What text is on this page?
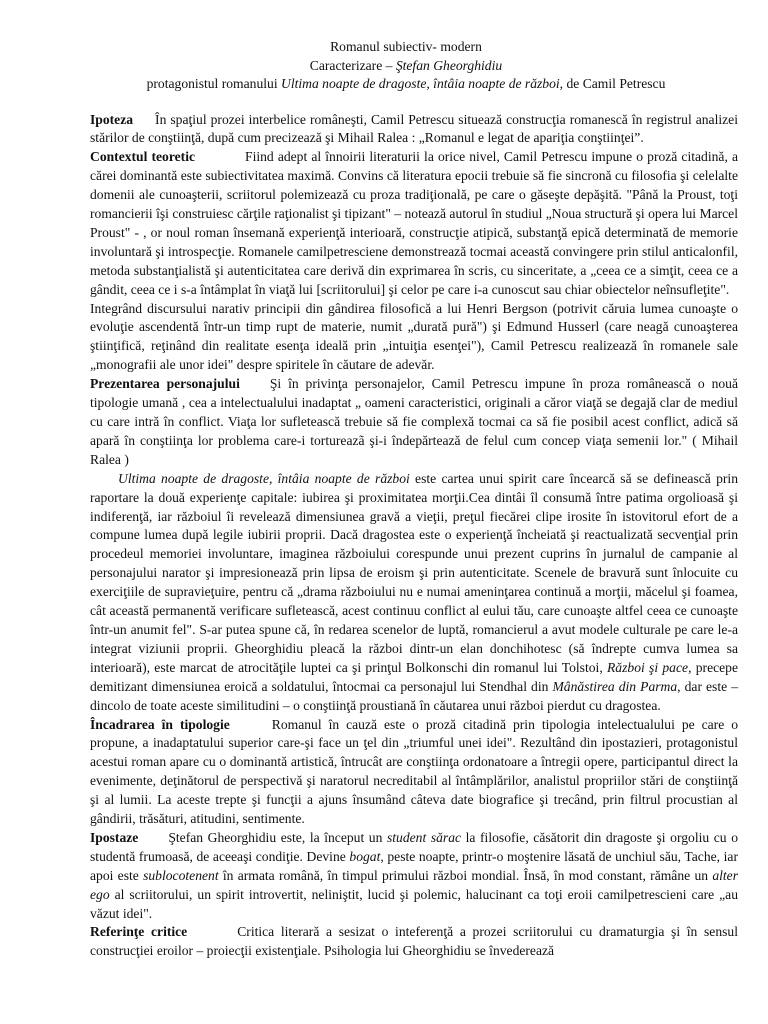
Romanul subiectiv- modern
Caracterizare – Ştefan Gheorghidiu
protagonistul romanului Ultima noapte de dragoste, întâia noapte de război, de Camil Petrescu

Ipoteza În spaţiul prozei interbelice româneşti, Camil Petrescu situează construcţia romanescă în registrul analizei stărilor de conştiinţă, după cum precizează şi Mihail Ralea : „Romanul e legat de apariţia conştiinţei”.

Contextul teoretic	Fiind adept al înnoirii literaturii la orice nivel, Camil Petrescu impune o proză citadină, a cărei dominantă este subiectivitatea maximă. Convins că literatura epocii trebuie să fie sincronă cu filosofia şi celelalte domenii ale cunoaşterii, scriitorul polemizează cu proza tradiţională, pe care o găseşte depăşită. "Până la Proust, toţi romancierii îşi construiesc cărţile raţionalist şi tipizant" – notează autorul în studiul „Noua structură şi opera lui Marcel Proust" - , or noul roman însemană experienţă interioară, construcţie atipică, substanţă epică determinată de memorie involuntară şi introspecţie. Romanele camilpetresciene demonstrează tocmai această convingere prin stilul anticalonfil, metoda substanţialistă şi autenticitatea care derivă din exprimarea în scris, cu sinceritate, a „ceea ce a simţit, ceea ce a gândit, ceea ce i s-a întâmplat în viaţă lui [scriitorului] şi celor pe care i-a cunoscut sau chiar obiectelor neînsufleţite".

Integrând discursului narativ principii din gândirea filosofică a lui Henri Bergson (potrivit căruia lumea cunoaşte o evoluţie ascendentă într-un timp rupt de materie, numit „durată pură") şi Edmund Husserl (care neagă cunoaşterea ştiinţifică, reţinând din realitate esenţa ideală prin „intuiţia esenţei"), Camil Petrescu realizează în romanele sale „monografii ale unor idei" despre spiritele în căutare de adevăr.

Prezentarea personajului Şi în privinţa personajelor, Camil Petrescu impune în proza românească o nouă tipologie umană , cea a intelectualului inadaptat „ oameni caracteristici, originali a căror viaţă se degajă clar de mediul cu care intră în conflict. Viaţa lor sufletească trebuie să fie complexă tocmai ca să fie posibil acest conflict, adică să apară în conştiinţa lor problema care-i tortureazã şi-i îndepărtează de felul cum concep viaţa semenii lor." ( Mihail Ralea )

Ultima noapte de dragoste, întâia noapte de război este cartea unui spirit care încearcă să se definească prin raportare la două experienţe capitale: iubirea şi proximitatea morţii.Cea dintâi îl consumă între patima orgolioasă şi indiferenţă, iar războiul îi revelează dimensiunea gravă a vieţii, preţul fiecărei clipe irosite în istovitorul efort de a compune lumea după legile iubirii proprii. Dacă dragostea este o experienţă încheiată şi reactualizată secvenţial prin procedeul memoriei involuntare, imaginea războiului corespunde unui prezent cuprins în jurnalul de campanie al personajului narator şi impresionează prin lipsa de eroism şi prin autenticitate. Scenele de bravură sunt înlocuite cu exerciţiile de supravieţuire, pentru că „drama războiului nu e numai ameninţarea continuă a morţii, măcelul şi foamea, cât această permanentă verificare sufletească, acest continuu conflict al eului tău, care cunoaşte altfel ceea ce cunoaşte într-un anumit fel". S-ar putea spune că, în redarea scenelor de luptă, romancierul a avut modele culturale pe care le-a integrat viziunii proprii. Gheorghidiu pleacă la război dintr-un elan donchihotesc (să îndrepte cumva lumea sa interioară), este marcat de atrocităţile luptei ca şi prinţul Bolkonschi din romanul lui Tolstoi, Război şi pace, precepe demitizant dimensiunea eroică a soldatului, întocmai ca personajul lui Stendhal din Mânăstirea din Parma, dar este – dincolo de toate aceste similitudini – o conştiinţă proustiană în căutarea unui război pierdut cu dragostea.

Încadrarea în tipologie	Romanul în cauză este o proză citadină prin tipologia intelectualului pe care o propune, a inadaptatului superior care-şi face un ţel din „triumful unei idei". Rezultând din ipostazieri, protagonistul acestui roman apare cu o dominantă artistică, întrucât are conştiinţa ordonatoare a întregii opere, participantul direct la evenimente, deţinătorul de perspectivă şi naratorul necreditabil al întâmplărilor, analistul propriilor stări de conştiinţă şi al lumii. La aceste trepte şi funcţii a ajuns însumând câteva date biografice şi trecând, prin filtrul procustian al gândirii, trăsături, atitudini, sentimente.

Ipostaze Ştefan Gheorghidiu este, la început un student sărac la filosofie, căsătorit din dragoste şi orgoliu cu o studentă frumoasă, de aceeaşi condiţie. Devine bogat, peste noapte, printr-o moştenire lăsată de unchiul său, Tache, iar apoi este sublocotenent în armata română, în timpul primului război mondial. Însă, în mod constant, rămâne un alter ego al scriitorului, un spirit introvertit, neliniştit, lucid şi polemic, halucinant ca toţi eroii camilpetrescieni care „au văzut idei".

Referinţe critice	Critica literară a sesizat o inteferenţă a prozei scriitorului cu dramaturgia şi în sensul construcţiei eroilor – proiecţii existenţiale. Psihologia lui Gheorghidiu se învederează
